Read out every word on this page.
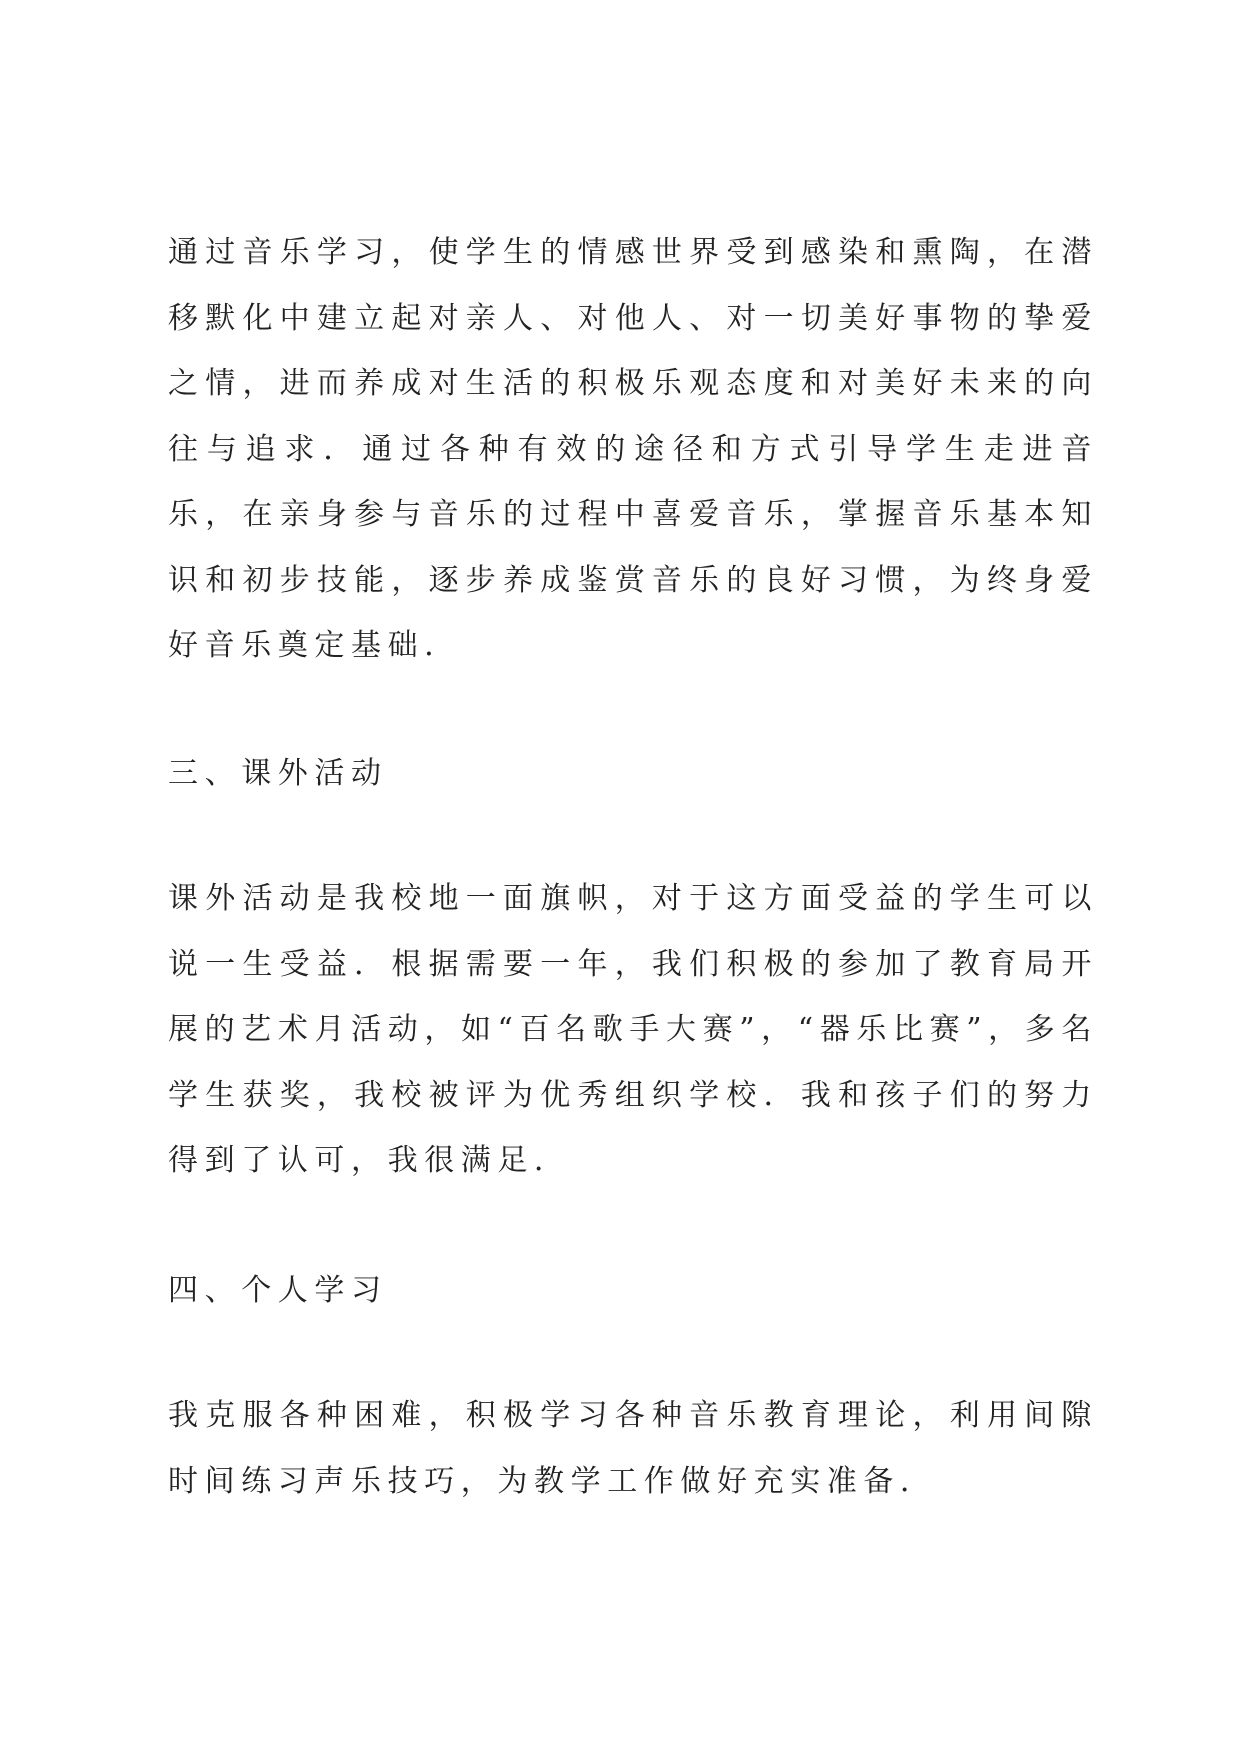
通过音乐学习，使学生的情感世界受到感染和熏陶，在潜移默化中建立起对亲人、对他人、对一切美好事物的挚爱之情，进而养成对生活的积极乐观态度和对美好未来的向往与追求．通过各种有效的途径和方式引导学生走进音乐，在亲身参与音乐的过程中喜爱音乐，掌握音乐基本知识和初步技能，逐步养成鉴赏音乐的良好习惯，为终身爱好音乐奠定基础．

三、课外活动

课外活动是我校地一面旗帜，对于这方面受益的学生可以说一生受益．根据需要一年，我们积极的参加了教育局开展的艺术月活动，如“百名歌手大赛”，“器乐比赛”，多名学生获奖，我校被评为优秀组织学校．我和孩子们的努力得到了认可，我很满足．

四、个人学习

我克服各种困难，积极学习各种音乐教育理论，利用间隙时间练习声乐技巧，为教学工作做好充实准备．
